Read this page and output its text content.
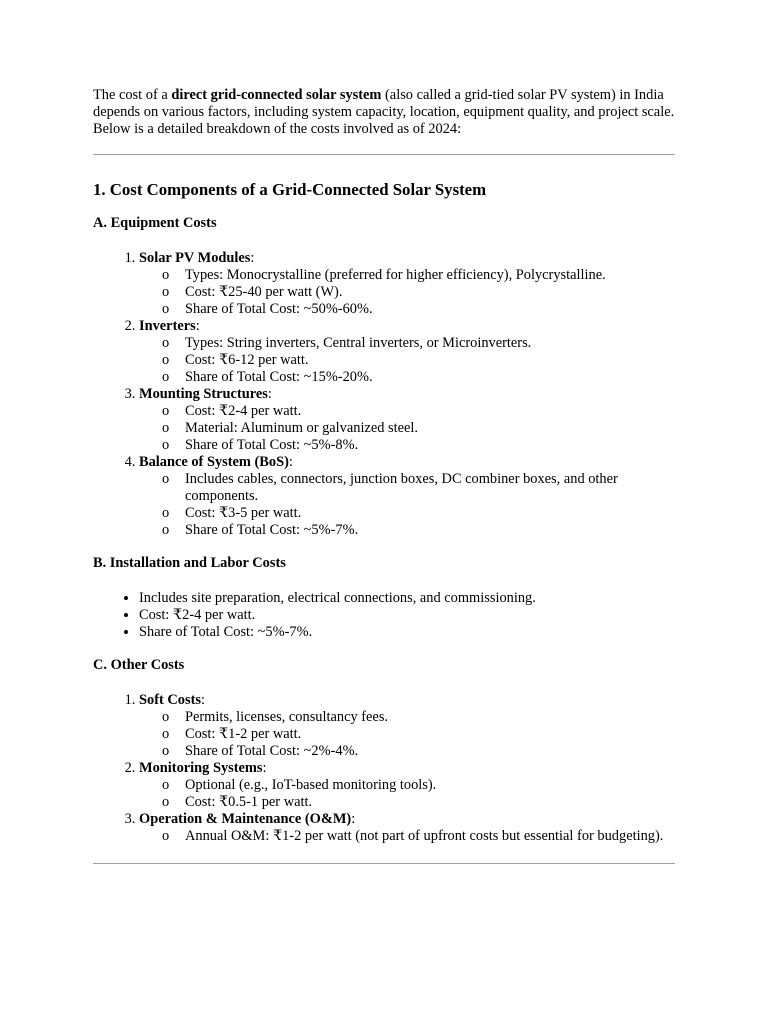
The cost of a direct grid-connected solar system (also called a grid-tied solar PV system) in India depends on various factors, including system capacity, location, equipment quality, and project scale. Below is a detailed breakdown of the costs involved as of 2024:

1. Cost Components of a Grid-Connected Solar System
A. Equipment Costs
1. Solar PV Modules:
o Types: Monocrystalline (preferred for higher efficiency), Polycrystalline.
o Cost: ₹25-40 per watt (W).
o Share of Total Cost: ~50%-60%.
2. Inverters:
o Types: String inverters, Central inverters, or Microinverters.
o Cost: ₹6-12 per watt.
o Share of Total Cost: ~15%-20%.
3. Mounting Structures:
o Cost: ₹2-4 per watt.
o Material: Aluminum or galvanized steel.
o Share of Total Cost: ~5%-8%.
4. Balance of System (BoS):
o Includes cables, connectors, junction boxes, DC combiner boxes, and other components.
o Cost: ₹3-5 per watt.
o Share of Total Cost: ~5%-7%.
B. Installation and Labor Costs
• Includes site preparation, electrical connections, and commissioning.
• Cost: ₹2-4 per watt.
• Share of Total Cost: ~5%-7%.
C. Other Costs
1. Soft Costs:
o Permits, licenses, consultancy fees.
o Cost: ₹1-2 per watt.
o Share of Total Cost: ~2%-4%.
2. Monitoring Systems:
o Optional (e.g., IoT-based monitoring tools).
o Cost: ₹0.5-1 per watt.
3. Operation & Maintenance (O&M):
o Annual O&M: ₹1-2 per watt (not part of upfront costs but essential for budgeting).
